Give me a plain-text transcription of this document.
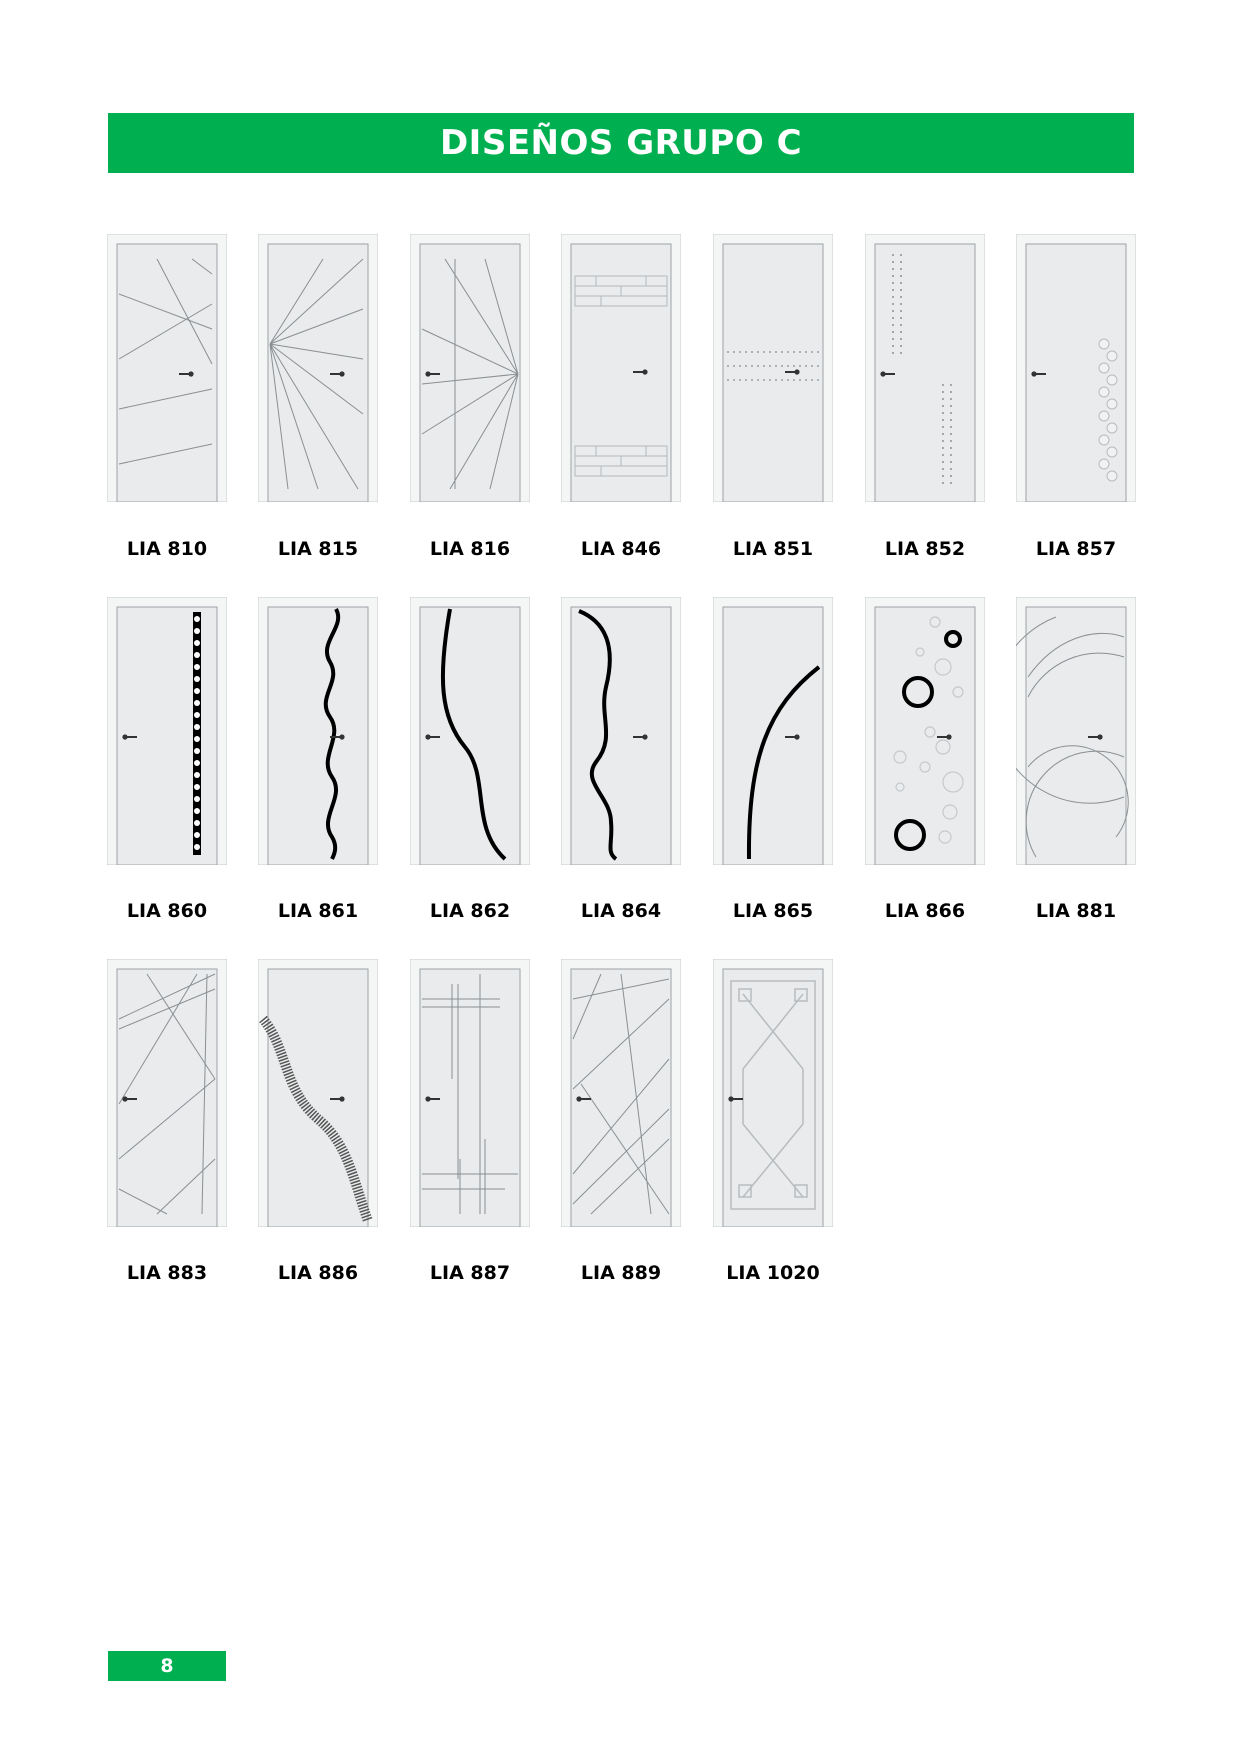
DISEÑOS GRUPO C
LIA 810	LIA 815	LIA 816	LIA 846	LIA 851	LIA 852	LIA 857
LIA 860	LIA 861	LIA 862	LIA 864	LIA 865	LIA 866	LIA 881
LIA 883	LIA 886	LIA 887	LIA 889	LIA 1020
8
